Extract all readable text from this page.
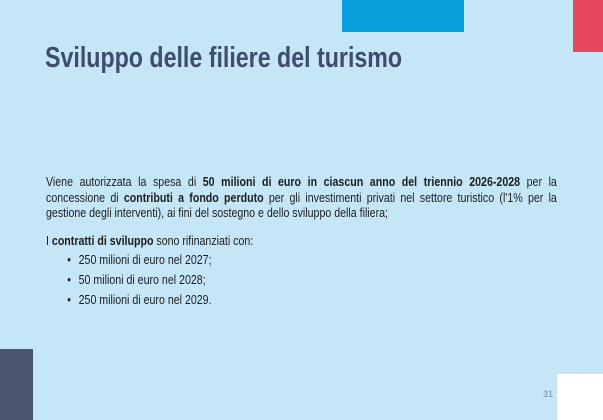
Sviluppo delle filiere del turismo

Viene autorizzata la spesa di 50 milioni di euro in ciascun anno del triennio 2026-2028 per la concessione di contributi a fondo perduto per gli investimenti privati nel settore turistico (l'1% per la gestione degli interventi), ai fini del sostegno e dello sviluppo della filiera;

I contratti di sviluppo sono rifinanziati con:

• 250 milioni di euro nel 2027;
• 50 milioni di euro nel 2028;
• 250 milioni di euro nel 2029.
31
